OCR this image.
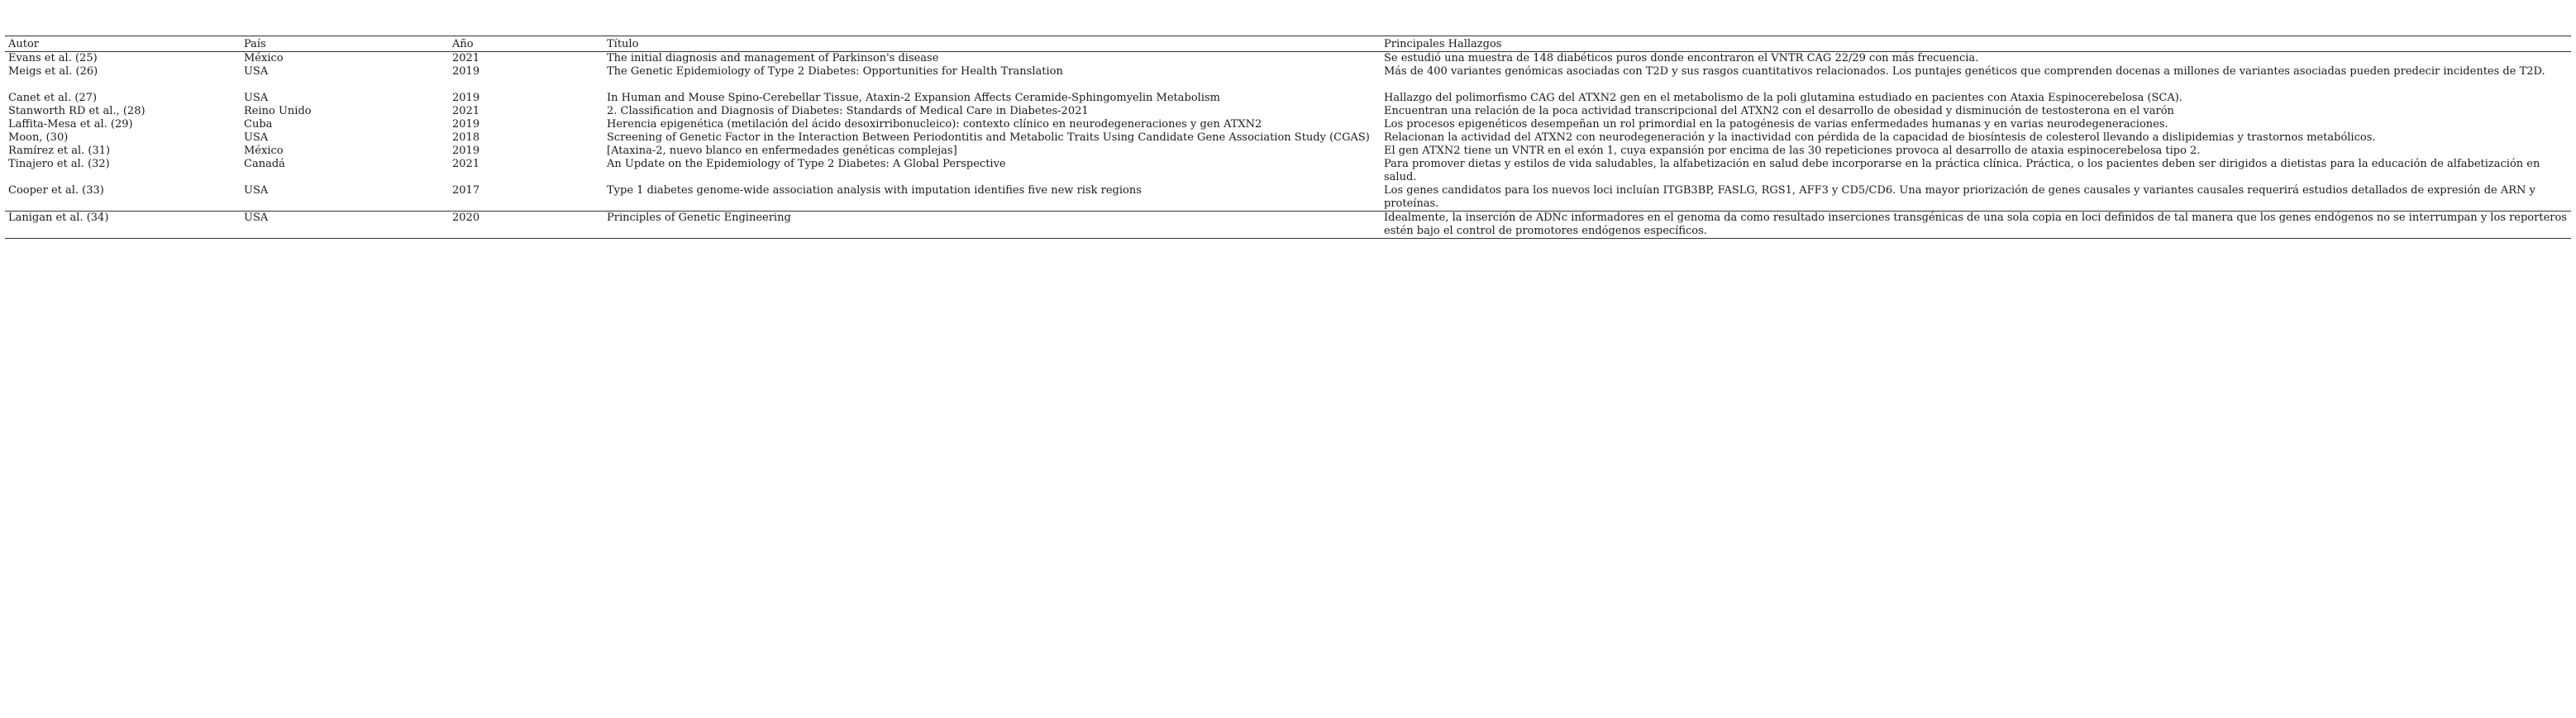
Autor	País	Año	Título	Principales Hallazgos
Evans et al. (25)	México	2021	The initial diagnosis and management of Parkinson's disease	Se estudió una muestra de 148 diabéticos puros donde encontraron el VNTR CAG 22/29 con más frecuencia.
Meigs et al. (26)	USA	2019	The Genetic Epidemiology of Type 2 Diabetes: Opportunities for Health Translation	Más de 400 variantes genómicas asociadas con T2D y sus rasgos cuantitativos relacionados. Los puntajes genéticos que comprenden docenas a millones de variantes asociadas pueden predecir incidentes de T2D.
Canet et al. (27)	USA	2019	In Human and Mouse Spino-Cerebellar Tissue, Ataxin-2 Expansion Affects Ceramide-Sphingomyelin Metabolism	Hallazgo del polimorfismo CAG del ATXN2 gen en el metabolismo de la poli glutamina estudiado en pacientes con Ataxia Espinocerebelosa (SCA).
Stanworth RD et al., (28)	Reino Unido	2021	2. Classification and Diagnosis of Diabetes: Standards of Medical Care in Diabetes-2021	Encuentran una relación de la poca actividad transcripcional del ATXN2 con el desarrollo de obesidad y disminución de testosterona en el varón
Laffita-Mesa et al. (29)	Cuba	2019	Herencia epigenética (metilación del ácido desoxirribonucleico): contexto clínico en neurodegeneraciones y gen ATXN2	Los procesos epigenéticos desempeñan un rol primordial en la patogénesis de varias enfermedades humanas y en varias neurodegeneraciones.
Moon, (30)	USA	2018	Screening of Genetic Factor in the Interaction Between Periodontitis and Metabolic Traits Using Candidate Gene Association Study (CGAS)	Relacionan la actividad del ATXN2 con neurodegeneración y la inactividad con pérdida de la capacidad de biosíntesis de colesterol llevando a dislipidemias y trastornos metabólicos.
Ramírez et al. (31)	México	2019	[Ataxina-2, nuevo blanco en enfermedades genéticas complejas]	El gen ATXN2 tiene un VNTR en el exón 1, cuya expansión por encima de las 30 repeticiones provoca al desarrollo de ataxia espinocerebelosa tipo 2.
Tinajero et al. (32)	Canadá	2021	An Update on the Epidemiology of Type 2 Diabetes: A Global Perspective	Para promover dietas y estilos de vida saludables, la alfabetización en salud debe incorporarse en la práctica clínica. Práctica, o los pacientes deben ser dirigidos a dietistas para la educación de alfabetización en salud.
Cooper et al. (33)	USA	2017	Type 1 diabetes genome-wide association analysis with imputation identifies five new risk regions	Los genes candidatos para los nuevos loci incluían ITGB3BP, FASLG, RGS1, AFF3 y CD5/CD6. Una mayor priorización de genes causales y variantes causales requerirá estudios detallados de expresión de ARN y proteínas.
Lanigan et al. (34)	USA	2020	Principles of Genetic Engineering	Idealmente, la inserción de ADNc informadores en el genoma da como resultado inserciones transgénicas de una sola copia en loci definidos de tal manera que los genes endógenos no se interrumpan y los reporteros estén bajo el control de promotores endógenos específicos.
